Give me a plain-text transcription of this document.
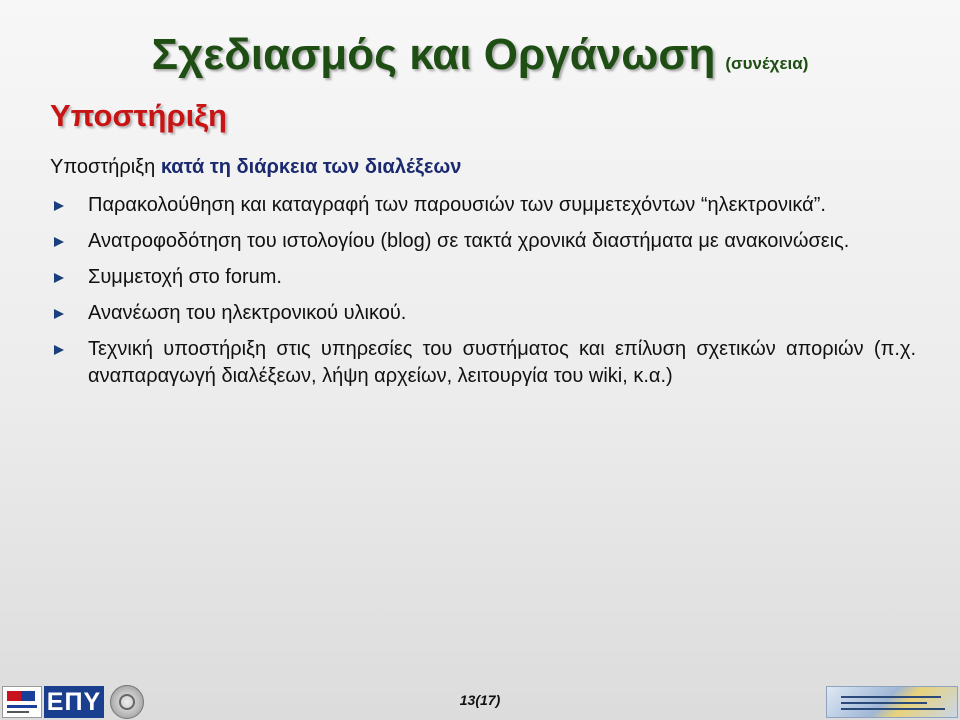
Σχεδιασμός και Οργάνωση (συνέχεια)
Υποστήριξη
Υποστήριξη κατά τη διάρκεια των διαλέξεων
Παρακολούθηση και καταγραφή των παρουσιών των συμμετεχόντων “ηλεκτρονικά”.
Ανατροφοδότηση του ιστολογίου (blog) σε τακτά χρονικά διαστήματα με ανακοινώσεις.
Συμμετοχή στο forum.
Ανανέωση του ηλεκτρονικού υλικού.
Τεχνική υποστήριξη στις υπηρεσίες του συστήματος και επίλυση σχετικών αποριών (π.χ. αναπαραγωγή διαλέξεων, λήψη αρχείων, λειτουργία του wiki, κ.α.)
ΕΠΥ	13(17)
